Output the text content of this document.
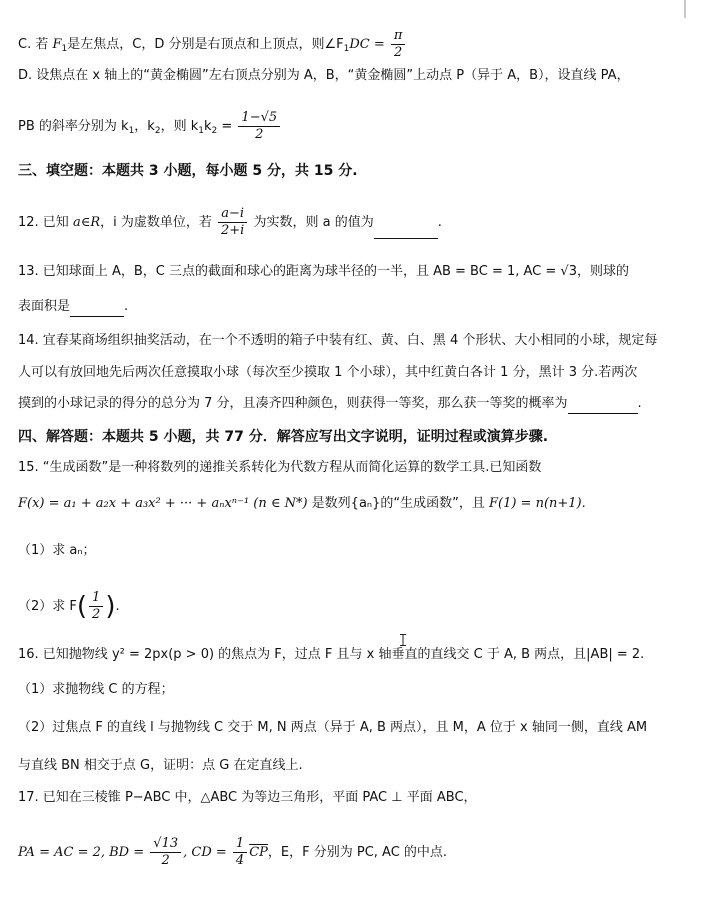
C. 若 $F_1$是左焦点，C，D 分别是右顶点和上顶点，则$\angle F_1DC = \frac{\pi}{2}$
D. 设焦点在 x 轴上的“黄金椭圆”左右顶点分别为 A，B，“黄金椭圆”上动点 P（异于 A，B），设直线 PA，
PB 的斜率分别为 $k_1$，$k_2$，则 $k_1k_2 = \frac{1-√5}{2}$
三、填空题：本题共 3 小题，每小题 5 分，共 15 分.
12. 已知 a∈R，i 为虚数单位，若 $\frac{a-i}{2+i}$ 为实数，则 a 的值为	.
13. 已知球面上 A，B，C 三点的截面和球心的距离为球半径的一半，且 AB = BC = 1, AC = √3，则球的
表面积是	.
14. 宜春某商场组织抽奖活动，在一个不透明的箱子中装有红、黄、白、黑 4 个形状、大小相同的小球，规定每
人可以有放回地先后两次任意摸取小球（每次至少摸取 1 个小球），其中红黄白各计 1 分，黑计 3 分.若两次
摸到的小球记录的得分的总分为 7 分，且凑齐四种颜色，则获得一等奖，那么获一等奖的概率为	.
四、解答题：本题共 5 小题，共 77 分．解答应写出文字说明，证明过程或演算步骤.
15. “生成函数”是一种将数列的递推关系转化为代数方程从而简化运算的数学工具.已知函数
F(x) = a₁ + a₂x + a₃x² + ··· + aₙxⁿ⁻¹ (n ∈ N*) 是数列{aₙ}的“生成函数”，且 F(1) = n(n+1).
（1）求 aₙ；
（2）求 $F( \frac{1}{2}$ ).
16. 已知抛物线 y² = 2px(p > 0) 的焦点为 F，过点 F 且与 x 轴垂直的直线交 C 于 A, B 两点，且|AB| = 2.
（1）求抛物线 C 的方程；
（2）过焦点 F 的直线 l 与抛物线 C 交于 M, N 两点（异于 A, B 两点），且 M，A 位于 x 轴同一侧，直线 AM
与直线 BN 相交于点 G，证明：点 G 在定直线上.
17. 已知在三棱锥 P−ABC 中，△ABC 为等边三角形，平面 PAC ⊥ 平面 ABC，
PA = AC = 2, BD = $\frac{√13}{2}$ , CD = $\frac{1}{4} \overline{CP}$，E，F 分别为 PC, AC 的中点.
